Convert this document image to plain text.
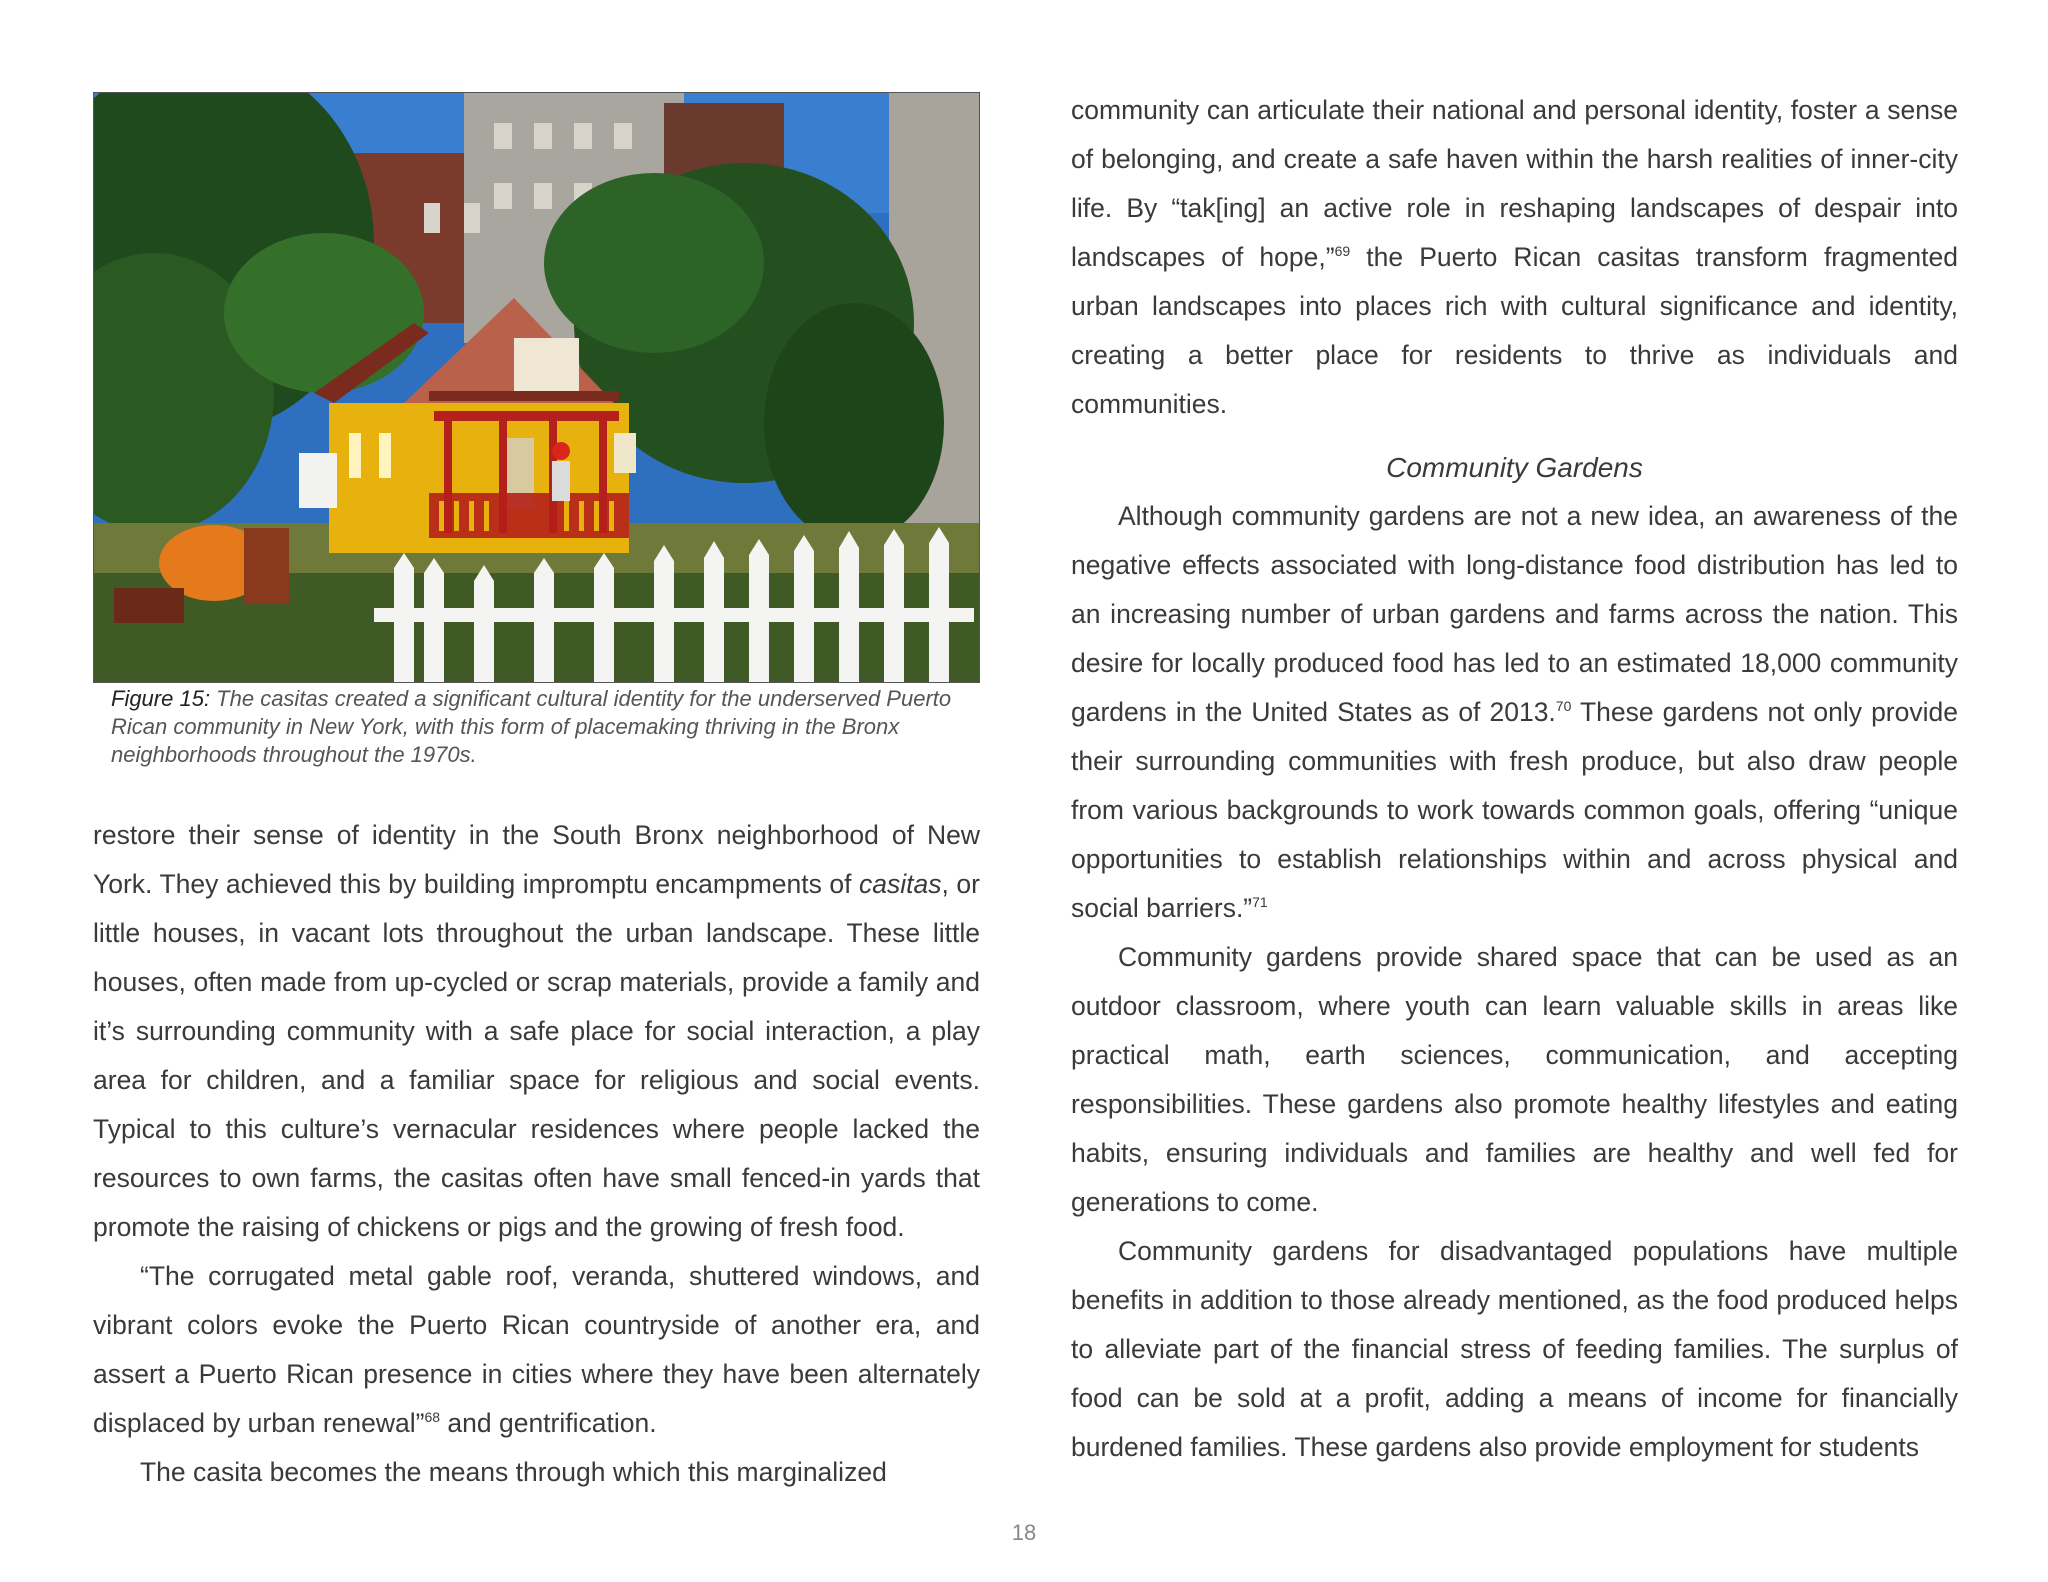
Figure 15: The casitas created a significant cultural identity for the underserved Puerto Rican community in New York, with this form of placemaking thriving in the Bronx neighborhoods throughout the 1970s.

restore their sense of identity in the South Bronx neighborhood of New York. They achieved this by building impromptu encampments of casitas, or little houses, in vacant lots throughout the urban landscape. These little houses, often made from up-cycled or scrap materials, provide a family and it’s surrounding community with a safe place for social interaction, a play area for children, and a familiar space for religious and social events. Typical to this culture’s vernacular residences where people lacked the resources to own farms, the casitas often have small fenced-in yards that promote the raising of chickens or pigs and the growing of fresh food.

“The corrugated metal gable roof, veranda, shuttered windows, and vibrant colors evoke the Puerto Rican countryside of another era, and assert a Puerto Rican presence in cities where they have been alternately displaced by urban renewal”$^{68}$ and gentrification.

The casita becomes the means through which this marginalized

community can articulate their national and personal identity, foster a sense of belonging, and create a safe haven within the harsh realities of inner-city life. By “tak[ing] an active role in reshaping landscapes of despair into landscapes of hope,”$^{69}$ the Puerto Rican casitas transform fragmented urban landscapes into places rich with cultural significance and identity, creating a better place for residents to thrive as individuals and communities.

Community Gardens

Although community gardens are not a new idea, an awareness of the negative effects associated with long-distance food distribution has led to an increasing number of urban gardens and farms across the nation. This desire for locally produced food has led to an estimated 18,000 community gardens in the United States as of 2013.70 These gardens not only provide their surrounding communities with fresh produce, but also draw people from various backgrounds to work towards common goals, offering “unique opportunities to establish relationships within and across physical and social barriers.”$^{71}$

Community gardens provide shared space that can be used as an outdoor classroom, where youth can learn valuable skills in areas like practical math, earth sciences, communication, and accepting responsibilities. These gardens also promote healthy lifestyles and eating habits, ensuring individuals and families are healthy and well fed for generations to come.

Community gardens for disadvantaged populations have multiple benefits in addition to those already mentioned, as the food produced helps to alleviate part of the financial stress of feeding families. The surplus of food can be sold at a profit, adding a means of income for financially burdened families. These gardens also provide employment for students

18
